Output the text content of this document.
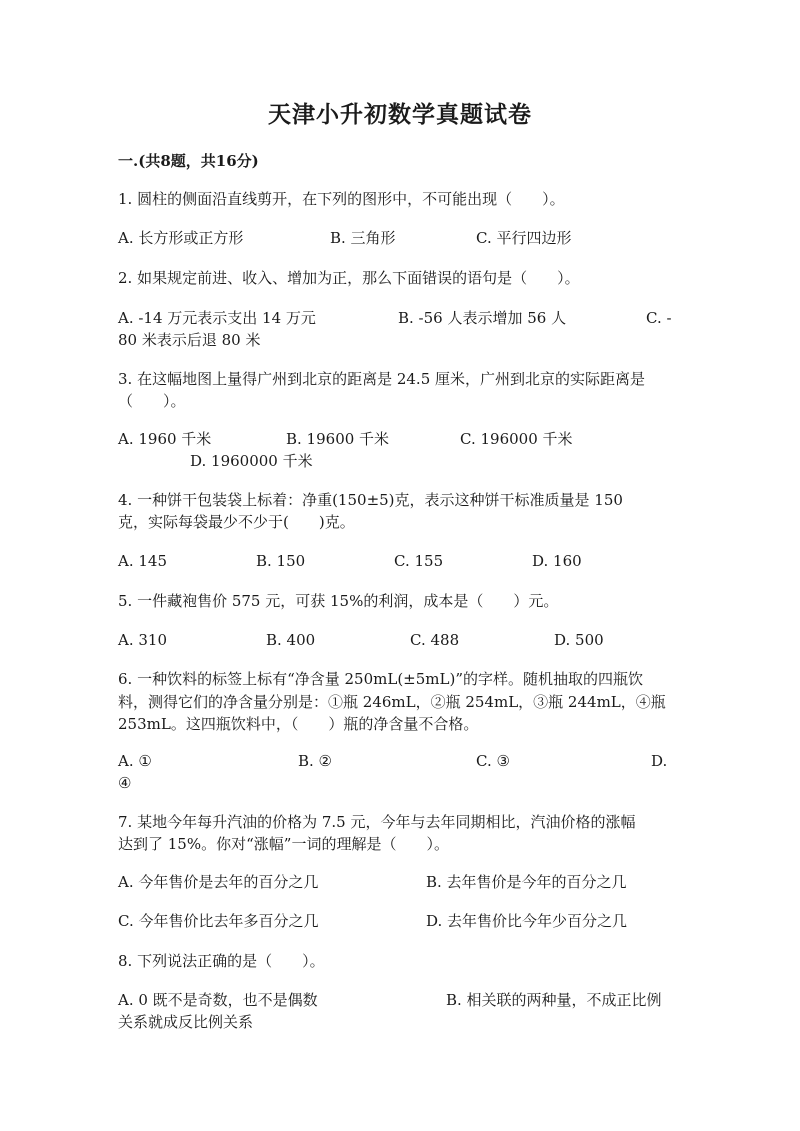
天津小升初数学真题试卷
一.(共8题，共16分)
1. 圆柱的侧面沿直线剪开，在下列的图形中，不可能出现（　　）。
A. 长方形或正方形	B. 三角形	C. 平行四边形
2. 如果规定前进、收入、增加为正，那么下面错误的语句是（　　）。
A. -14 万元表示支出 14 万元	B. -56 人表示增加 56 人	C. -
80 米表示后退 80 米
3. 在这幅地图上量得广州到北京的距离是 24.5 厘米，广州到北京的实际距离是
（　　）。
A. 1960 千米	B. 19600 千米	C. 196000 千米
D. 1960000 千米
4. 一种饼干包装袋上标着：净重(150±5)克，表示这种饼干标准质量是 150
克，实际每袋最少不少于(　　)克。
A. 145	B. 150	C. 155	D. 160
5. 一件藏袍售价 575 元，可获 15%的利润，成本是（　　）元。
A. 310	B. 400	C. 488	D. 500
6. 一种饮料的标签上标有“净含量 250mL(±5mL)”的字样。随机抽取的四瓶饮
料，测得它们的净含量分别是：①瓶 246mL，②瓶 254mL，③瓶 244mL，④瓶
253mL。这四瓶饮料中，（　　）瓶的净含量不合格。
A. ①	B. ②	C. ③	D.
④
7. 某地今年每升汽油的价格为 7.5 元，今年与去年同期相比，汽油价格的涨幅
达到了 15%。你对“涨幅”一词的理解是（　　）。
A. 今年售价是去年的百分之几	B. 去年售价是今年的百分之几
C. 今年售价比去年多百分之几	D. 去年售价比今年少百分之几
8. 下列说法正确的是（　　）。
A. 0 既不是奇数，也不是偶数	B. 相关联的两种量，不成正比例
关系就成反比例关系
